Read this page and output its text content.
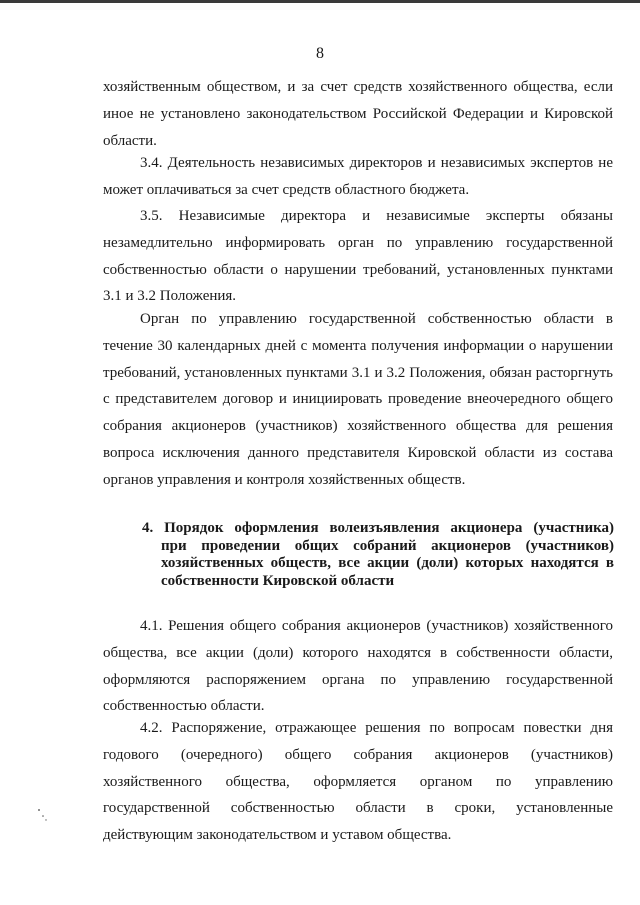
8

хозяйственным обществом, и за счет средств хозяйственного общества, если иное не установлено законодательством Российской Федерации и Кировской области.

3.4. Деятельность независимых директоров и независимых экспертов не может оплачиваться за счет средств областного бюджета.

3.5. Независимые директора и независимые эксперты обязаны незамедлительно информировать орган по управлению государственной собственностью области о нарушении требований, установленных пунктами 3.1 и 3.2 Положения.

Орган по управлению государственной собственностью области в течение 30 календарных дней с момента получения информации о нарушении требований, установленных пунктами 3.1 и 3.2 Положения, обязан расторгнуть с представителем договор и инициировать проведение внеочередного общего собрания акционеров (участников) хозяйственного общества для решения вопроса исключения данного представителя Кировской области из состава органов управления и контроля хозяйственных обществ.

4. Порядок оформления волеизъявления акционера (участника)
при проведении общих собраний акционеров (участников)
хозяйственных обществ, все акции (доли) которых находятся в
собственности Кировской области

4.1. Решения общего собрания акционеров (участников) хозяйственного общества, все акции (доли) которого находятся в собственности области, оформляются распоряжением органа по управлению государственной собственностью области.

4.2. Распоряжение, отражающее решения по вопросам повестки дня годового (очередного) общего собрания акционеров (участников) хозяйственного общества, оформляется органом по управлению государственной собственностью области в сроки, установленные действующим законодательством и уставом общества.
